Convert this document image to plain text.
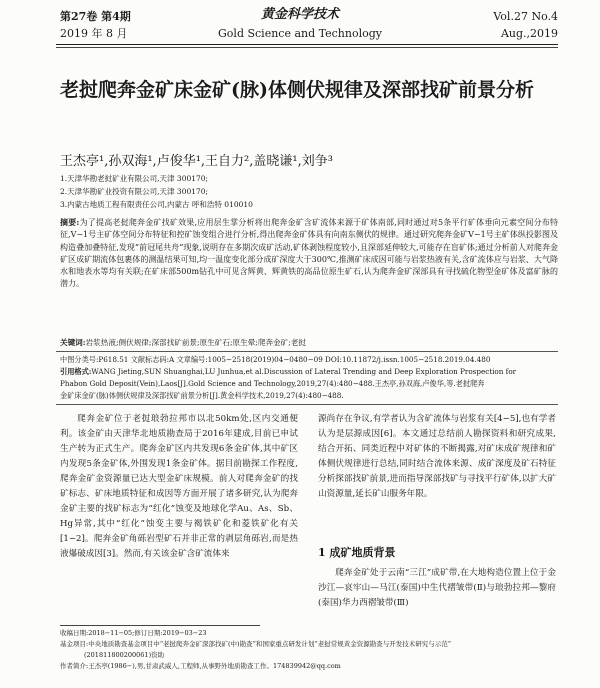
第27卷 第4期
2019 年 8 月
黄金科学技术
Gold Science and Technology
Vol.27 No.4
Aug.,2019
老挝爬奔金矿床金矿(脉)体侧伏规律及深部找矿前景分析
王杰亭¹,孙双海¹,卢俊华¹,王自力²,盖晓谦¹,刘争³
1.天津华勘老挝矿业有限公司,天津 300170;
2.天津华勘矿业投资有限公司,天津 300170;
3.内蒙古地质工程有限责任公司,内蒙古 呼和浩特 010010
摘要:为了提高老挝爬奔金矿找矿效果,应用层生掌分析将出爬奔金矿含矿流体来源于矿体南部,同时通过对5条平行矿体垂向元素空间分布特征,V−1号主矿体空间分布特征和控矿蚀变组合进行分析,得出爬奔金矿体具有向南东侧伏的规律。通过研究爬奔金矿V−1号主矿体纵投影图及构造叠加叠特征,发现“前冠尾共舟”现象,说明存在多期次成矿活动,矿体剥蚀程度较小,且深部延伸较大,可能存在盲矿体;通过分析前人对爬奔金矿区成矿期流体包裹体的测温结果可知,均一温度变化部分成矿深度大于300℃,推测矿床成因可能与岩浆热液有关,含矿流体应与岩浆、大气降水和地表水等均有关联;在矿床部500m钻孔中可见含辉黄、辉黄铁的高品位原生矿石,认为爬奔金矿深部具有寻找硫化物型金矿体及富矿脉的潜力。
关键词:岩浆热液;侧伏规律;深部找矿前景;原生矿石;原生晕;爬奔金矿;老挝
中图分类号:P618.51 文献标志码:A 文章编号:1005−2518(2019)04−0480−09 DOI:10.11872/j.issn.1005−2518.2019.04.480
引用格式:WANG Jieting,SUN Shuanghai,LU Junhua,et al.Discussion of Lateral Trending and Deep Exploration Prospection for
Phabon Gold Deposit(Vein),Laos[J].Gold Science and Technology,2019,27(4):480−488.王杰亭,孙双海,卢俊华,等.老挝爬奔
金矿床金矿(脉)体侧伏规律及深部找矿前景分析[J].黄金科学技术,2019,27(4):480−488.
爬奔金矿位于老挝琅勃拉邦市以北50km处,区内交通便利。该金矿由天津华北地质勘查局于2016年建成,目前已申试生产转为正式生产。爬奔金矿区内共发现6条金矿体,其中矿区内发现5条金矿体,外围发现1条金矿体。据目前勘探工作程度,爬奔金矿金资源量已达大型金矿床规模。前人对爬奔金矿的找矿标志、矿床地质特征和成因等方面开展了诸多研究,认为爬奔金矿主要的找矿标志为“红化”蚀变及地球化学Au、As、Sb、Hg异常,其中“红化”蚀变主要与褐铁矿化和菱铁矿化有关[1−2]。爬奔金矿角砾岩型矿石并非正常的剥层角砾岩,而是热液爆破成因[3]。然而,有关该金矿含矿流体来
源尚存在争议,有学者认为含矿流体与岩浆有关[4−5],也有学者认为是层源成因[6]。本文通过总结前人勘探资料和研究成果,结合开拓、同类近程中对矿体的不断揭露,对矿床成矿规律和矿体侧伏规律进行总结,同时结合流体来源、成矿深度及矿石特征分析探部找矿前景,进而指导深部找矿与寻找平行矿体,以扩大矿山资源量,延长矿山服务年限。
1 成矿地质背景
爬奔金矿处于云南“三江”成矿带,在大地构造位置上位于金沙江—哀牢山—马江(泰国)中生代褶皱带(Ⅱ)与琅勃拉邦—黎府(泰国)华力西褶皱带(Ⅲ)
收稿日期:2018−11−05;修订日期:2019−03−23
基金项目:中央地质勘查基金项目中“老挝爬奔金矿深部找矿(中)勘查”和国家重点研发计划“老挝常规黄金资源勘查与开发技术研究与示范”
(201811800200061)资助
作者简介:王杰亭(1986−),男,甘肃武威人,工程师,从事野外地质勘查工作。174839942@qq.com
